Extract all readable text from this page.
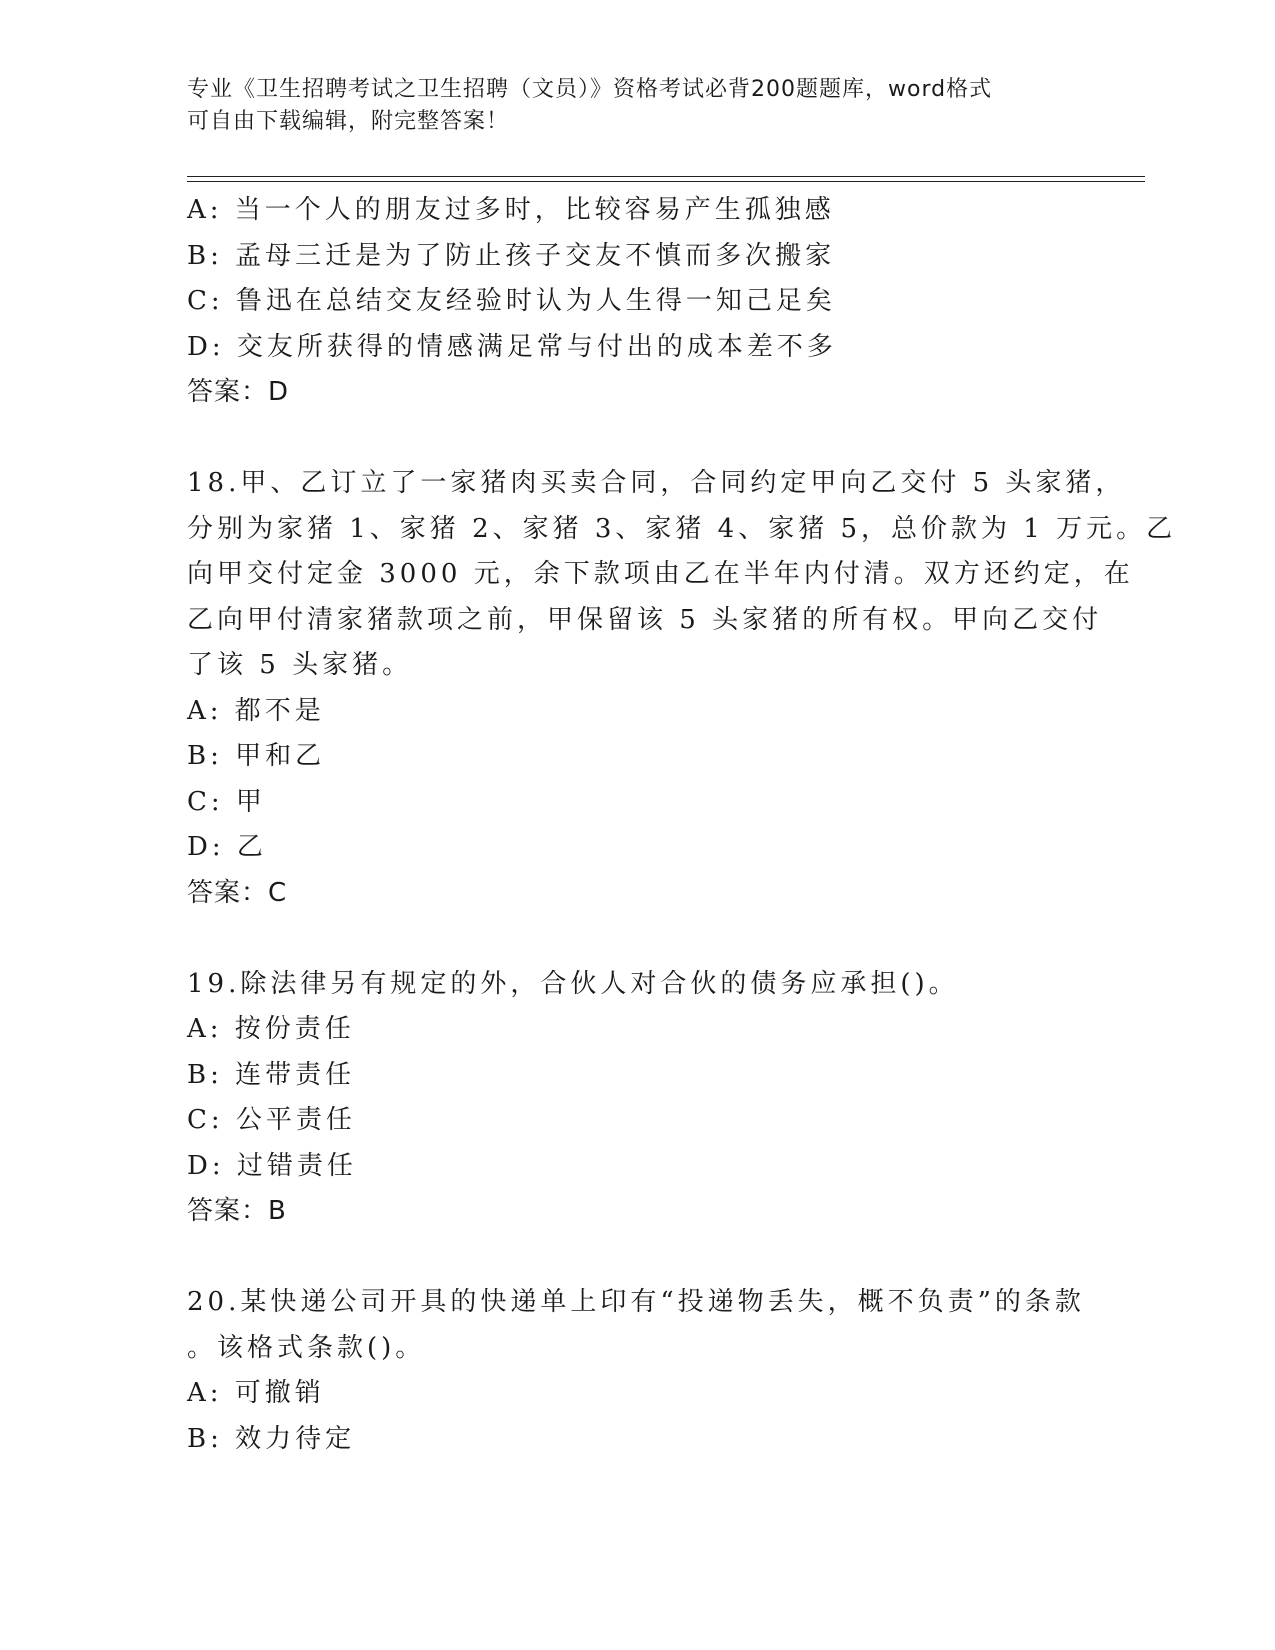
专业《卫生招聘考试之卫生招聘（文员）》资格考试必背200题题库，word格式
可自由下载编辑，附完整答案！
A: 当一个人的朋友过多时，比较容易产生孤独感
B: 孟母三迁是为了防止孩子交友不慎而多次搬家
C: 鲁迅在总结交友经验时认为人生得一知己足矣
D: 交友所获得的情感满足常与付出的成本差不多
答案：D
18.甲、乙订立了一家猪肉买卖合同，合同约定甲向乙交付 5 头家猪，
分别为家猪 1、家猪 2、家猪 3、家猪 4、家猪 5，总价款为 1 万元。乙
向甲交付定金 3000 元，余下款项由乙在半年内付清。双方还约定，在
乙向甲付清家猪款项之前，甲保留该 5 头家猪的所有权。甲向乙交付
了该 5 头家猪。
A: 都不是
B: 甲和乙
C: 甲
D: 乙
答案：C
19.除法律另有规定的外，合伙人对合伙的债务应承担()。
A: 按份责任
B: 连带责任
C: 公平责任
D: 过错责任
答案：B
20.某快递公司开具的快递单上印有“投递物丢失，概不负责”的条款
。该格式条款()。
A: 可撤销
B: 效力待定
